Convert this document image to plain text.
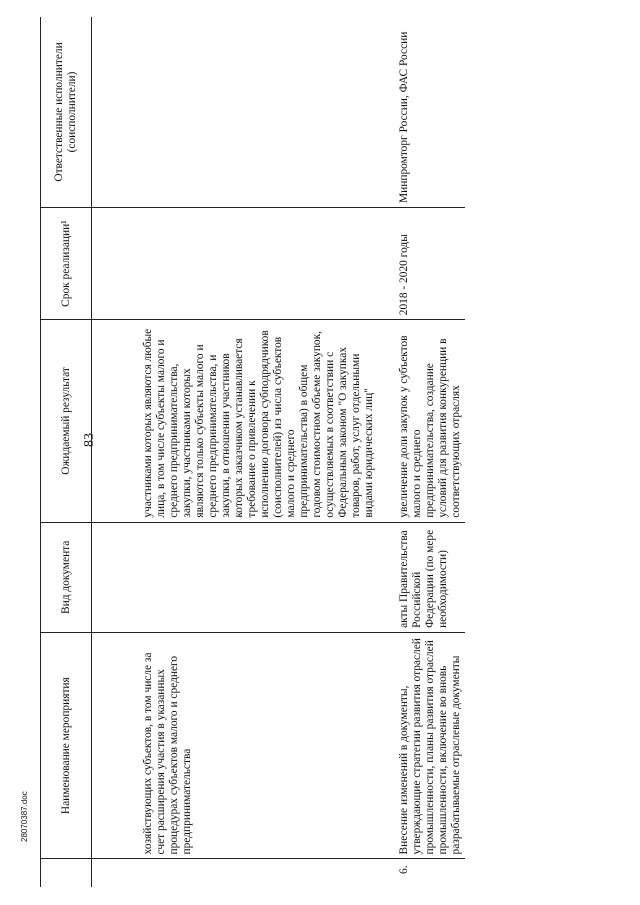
83
	Наименование мероприятия	Вид документа	Ожидаемый результат	Срок реализации¹	Ответственные исполнители (соисполнители)
	хозяйствующих субъектов, в том числе за счет расширения участия в указанных процедурах субъектов малого и среднего предпринимательства		участниками которых являются любые лица, в том числе субъекты малого и среднего предпринимательства, закупки, участниками которых являются только субъекты малого и среднего предпринимательства, и закупки, в отношении участников которых заказчиком устанавливается требование о привлечении к исполнению договора субподрядчиков (соисполнителей) из числа субъектов малого и среднего предпринимательства) в общем годовом стоимостном объеме закупок, осуществляемых в соответствии с Федеральным законом "О закупках товаров, работ, услуг отдельными видами юридических лиц"		
6.	Внесение изменений в документы, утверждающие стратегии развития отраслей промышленности, планы развития отраслей промышленности, включение во вновь разрабатываемые отраслевые документы	акты Правительства Российской Федерации (по мере необходимости)	увеличение доли закупок у субъектов малого и среднего предпринимательства, создание условий для развития конкуренции в соответствующих отраслях	2018 - 2020 годы	Минпромторг России, ФАС России
28070387.doc
